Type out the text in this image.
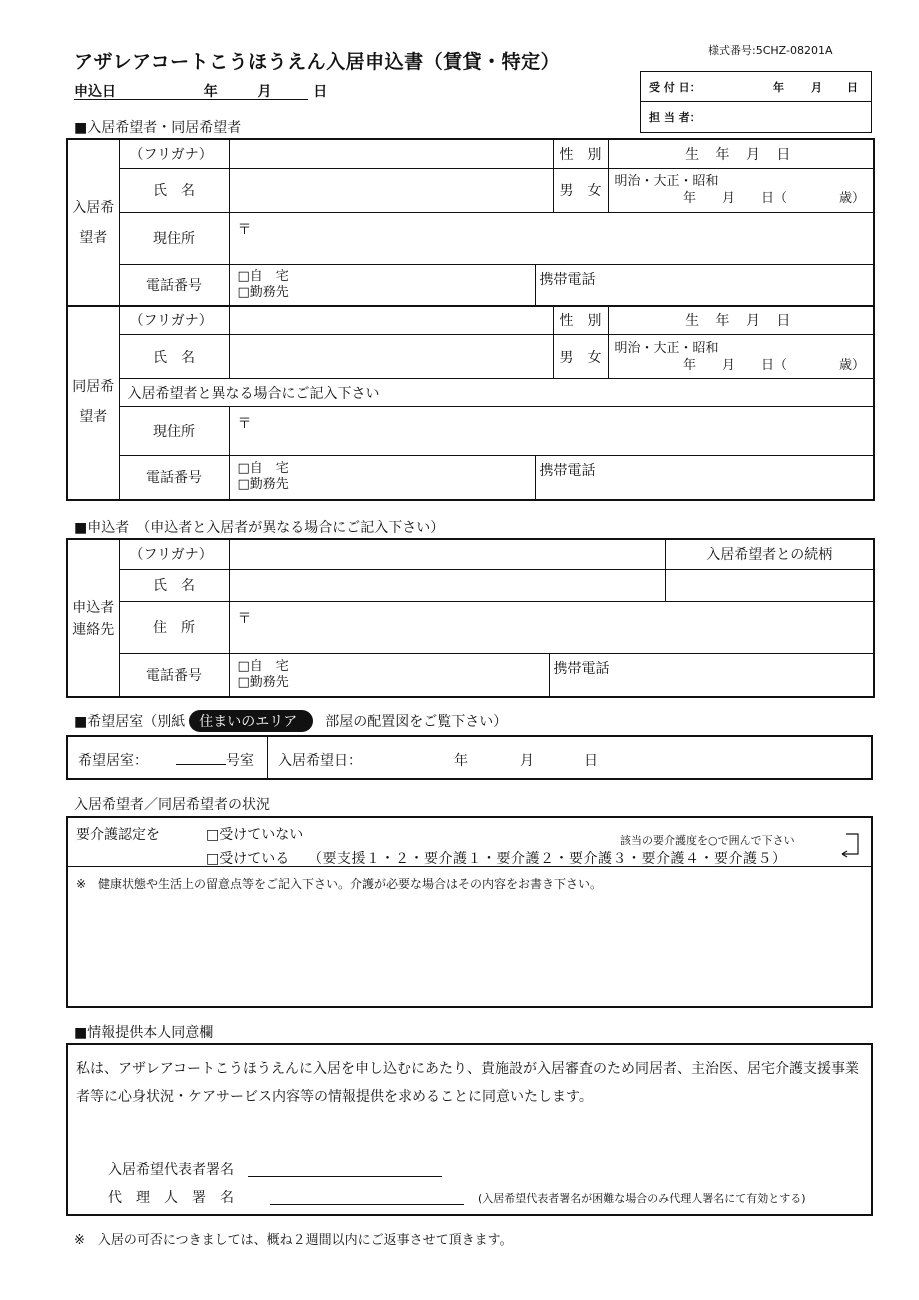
アザレアコートこうほうえん入居申込書（賃貸・特定）
様式番号:5CHZ-08201A
申込日	年	月	日	受 付 日：	年 月 日
担 当 者：
■入居希望者・同居希望者
入居希望者	（フリガナ）			性　別	生 年 月 日
	氏　名			男　女	明治・大正・昭和
年　　月　　日（　　　　歳）

	現住所	〒			
	電話番号	□自　宅
□勤務先	携帯電話		
同居希望者	（フリガナ）			性　別	生 年 月 日
	氏　名			男　女	明治・大正・昭和
年　　月　　日（　　　　歳）

	入居希望者と異なる場合にご記入下さい				
	現住所	〒			
	電話番号	□自　宅
□勤務先	携帯電話		
■申込者　（申込者と入居者が異なる場合にご記入下さい）
申込者連絡先	（フリガナ）			入居希望者との続柄
	氏　名			
	住　所	〒		
	電話番号	□自　宅
□勤務先	携帯電話	
■希望居室（別紙 住まいのエリア 部屋の配置図をご覧下さい）
希望居室：	号室 入居希望日：	年	月	日
入居希望者／同居希望者の状況
要介護認定を	□受けていない
□受けている （要支援１・２・要介護１・要介護２・要介護３・要介護４・要介護５）
該当の要介護度を○で囲んで下さい
※　健康状態や生活上の留意点等をご記入下さい。介護が必要な場合はその内容をお書き下さい。
■情報提供本人同意欄
私は、アザレアコートこうほうえんに入居を申し込むにあたり、貴施設が入居審査のため同居者、主治医、居宅介護支援事業者等に心身状況・ケアサービス内容等の情報提供を求めることに同意いたします。
入居希望代表者署名
代　理　人　署　名	(入居希望代表者署名が困難な場合のみ代理人署名にて有効とする)
※　入居の可否につきましては、概ね２週間以内にご返事させて頂きます。
